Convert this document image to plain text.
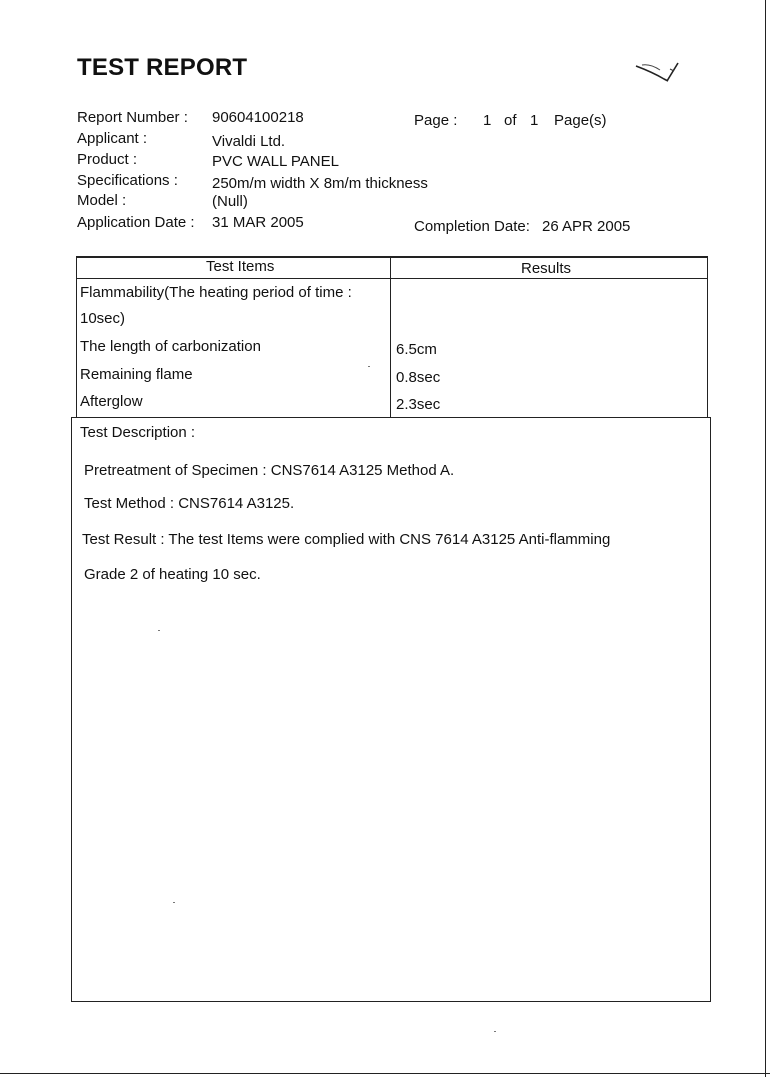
TEST REPORT
Report Number : 90604100218	Page : 1 of 1 Page(s)
Applicant :	Vivaldi Ltd.
Product :	PVC WALL PANEL
Specifications : 250m/m width X 8m/m thickness
Model :	(Null)
Application Date : 31 MAR 2005	Completion Date: 26 APR 2005
Test Items	Results
Flammability(The heating period of time :
10sec)
The length of carbonization	6.5cm
Remaining flame	0.8sec
Afterglow	2.3sec
Test Description :
Pretreatment of Specimen : CNS7614 A3125 Method A.
Test Method : CNS7614 A3125.
Test Result : The test Items were complied with CNS 7614 A3125 Anti-flamming
Grade 2 of heating 10 sec.
